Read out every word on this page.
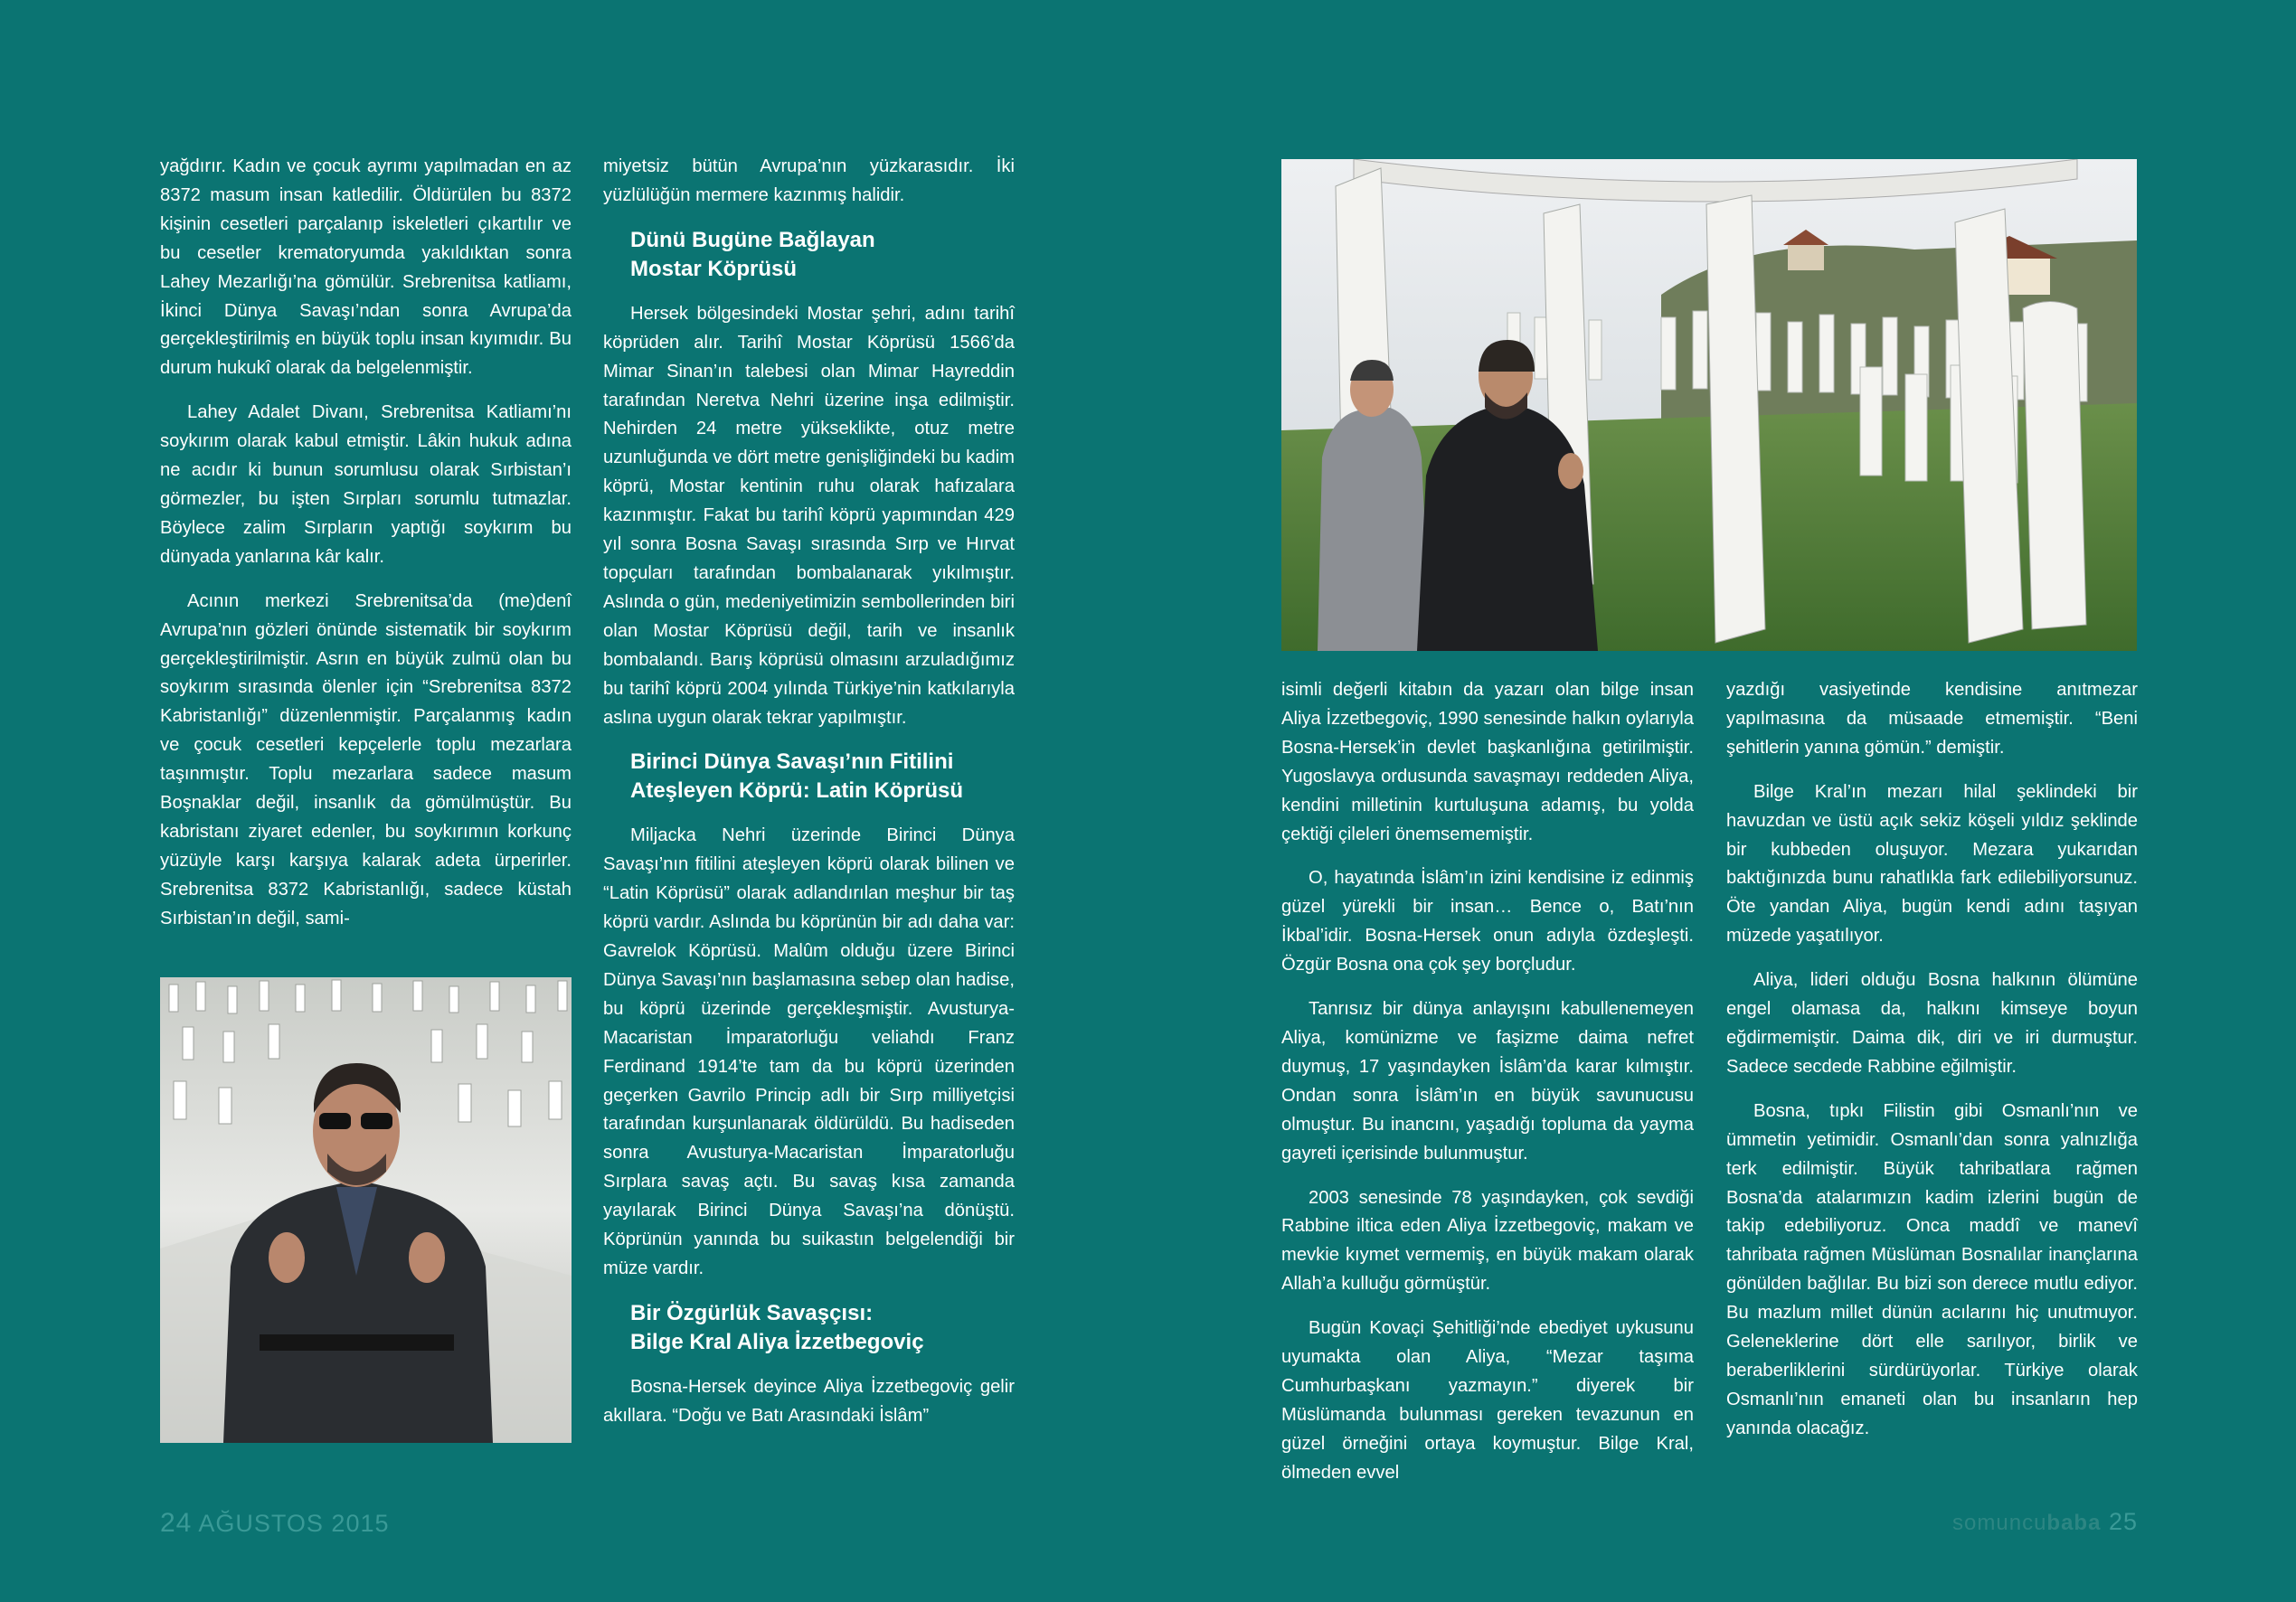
yağdırır. Kadın ve çocuk ayrımı yapılmadan en az 8372 masum insan katledilir. Öldürülen bu 8372 kişinin cesetleri parçalanıp iskeletleri çıkartılır ve bu cesetler krematoryumda yakıldıktan sonra Lahey Mezarlığı’na gömülür. Srebrenitsa katliamı, İkinci Dünya Savaşı’ndan sonra Avrupa’da gerçekleştirilmiş en büyük toplu insan kıyımıdır. Bu durum hukukî olarak da belgelenmiştir.

Lahey Adalet Divanı, Srebrenitsa Katliamı’nı soykırım olarak kabul etmiştir. Lâkin hukuk adına ne acıdır ki bunun sorumlusu olarak Sırbistan’ı görmezler, bu işten Sırpları sorumlu tutmazlar. Böylece zalim Sırpların yaptığı soykırım bu dünyada yanlarına kâr kalır.

Acının merkezi Srebrenitsa’da (me)denî Avrupa’nın gözleri önünde sistematik bir soykırım gerçekleştirilmiştir. Asrın en büyük zulmü olan bu soykırım sırasında ölenler için “Srebrenitsa 8372 Kabristanlığı” düzenlenmiştir. Parçalanmış kadın ve çocuk cesetleri kepçelerle toplu mezarlara taşınmıştır. Toplu mezarlara sadece masum Boşnaklar değil, insanlık da gömülmüştür. Bu kabristanı ziyaret edenler, bu soykırımın korkunç yüzüyle karşı karşıya kalarak adeta ürperirler. Srebrenitsa 8372 Kabristanlığı, sadece küstah Sırbistan’ın değil, sami-

miyetsiz bütün Avrupa’nın yüzkarasıdır. İki yüzlülüğün mermere kazınmış halidir.

Dünü Bugüne Bağlayan
Mostar Köprüsü

Hersek bölgesindeki Mostar şehri, adını tarihî köprüden alır. Tarihî Mostar Köprüsü 1566’da Mimar Sinan’ın talebesi olan Mimar Hayreddin tarafından Neretva Nehri üzerine inşa edilmiştir. Nehirden 24 metre yükseklikte, otuz metre uzunluğunda ve dört metre genişliğindeki bu kadim köprü, Mostar kentinin ruhu olarak hafızalara kazınmıştır. Fakat bu tarihî köprü yapımından 429 yıl sonra Bosna Savaşı sırasında Sırp ve Hırvat topçuları tarafından bombalanarak yıkılmıştır. Aslında o gün, medeniyetimizin sembollerinden biri olan Mostar Köprüsü değil, tarih ve insanlık bombalandı. Barış köprüsü olmasını arzuladığımız bu tarihî köprü 2004 yılında Türkiye’nin katkılarıyla aslına uygun olarak tekrar yapılmıştır.

Birinci Dünya Savaşı’nın Fitilini
Ateşleyen Köprü: Latin Köprüsü

Miljacka Nehri üzerinde Birinci Dünya Savaşı’nın fitilini ateşleyen köprü olarak bilinen ve “Latin Köprüsü” olarak adlandırılan meşhur bir taş köprü vardır. Aslında bu köprünün bir adı daha var: Gavrelok Köprüsü. Malûm olduğu üzere Birinci Dünya Savaşı’nın başlamasına sebep olan hadise, bu köprü üzerinde gerçekleşmiştir. Avusturya-Macaristan İmparatorluğu veliahdı Franz Ferdinand 1914’te tam da bu köprü üzerinden geçerken Gavrilo Princip adlı bir Sırp milliyetçisi tarafından kurşunlanarak öldürüldü. Bu hadiseden sonra Avusturya-Macaristan İmparatorluğu Sırplara savaş açtı. Bu savaş kısa zamanda yayılarak Birinci Dünya Savaşı’na dönüştü. Köprünün yanında bu suikastın belgelendiği bir müze vardır.

Bir Özgürlük Savaşçısı:
Bilge Kral Aliya İzzetbegoviç

Bosna-Hersek deyince Aliya İzzetbegoviç gelir akıllara. “Doğu ve Batı Arasındaki İslâm”

isimli değerli kitabın da yazarı olan bilge insan Aliya İzzetbegoviç, 1990 senesinde halkın oylarıyla Bosna-Hersek’in devlet başkanlığına getirilmiştir. Yugoslavya ordusunda savaşmayı reddeden Aliya, kendini milletinin kurtuluşuna adamış, bu yolda çektiği çileleri önemsememiştir.

O, hayatında İslâm’ın izini kendisine iz edinmiş güzel yürekli bir insan… Bence o, Batı’nın İkbal’idir. Bosna-Hersek onun adıyla özdeşleşti. Özgür Bosna ona çok şey borçludur.

Tanrısız bir dünya anlayışını kabullenemeyen Aliya, komünizme ve faşizme daima nefret duymuş, 17 yaşındayken İslâm’da karar kılmıştır. Ondan sonra İslâm’ın en büyük savunucusu olmuştur. Bu inancını, yaşadığı topluma da yayma gayreti içerisinde bulunmuştur.

2003 senesinde 78 yaşındayken, çok sevdiği Rabbine iltica eden Aliya İzzetbegoviç, makam ve mevkie kıymet vermemiş, en büyük makam olarak Allah’a kulluğu görmüştür.

Bugün Kovaçi Şehitliği’nde ebediyet uykusunu uyumakta olan Aliya, “Mezar taşıma Cumhurbaşkanı yazmayın.” diyerek bir Müslümanda bulunması gereken tevazunun en güzel örneğini ortaya koymuştur. Bilge Kral, ölmeden evvel

yazdığı vasiyetinde kendisine anıtmezar yapılmasına da müsaade etmemiştir. “Beni şehitlerin yanına gömün.” demiştir.

Bilge Kral’ın mezarı hilal şeklindeki bir havuzdan ve üstü açık sekiz köşeli yıldız şeklinde bir kubbeden oluşuyor. Mezara yukarıdan baktığınızda bunu rahatlıkla fark edilebiliyorsunuz. Öte yandan Aliya, bugün kendi adını taşıyan müzede yaşatılıyor.

Aliya, lideri olduğu Bosna halkının ölümüne engel olamasa da, halkını kimseye boyun eğdirmemiştir. Daima dik, diri ve iri durmuştur. Sadece secdede Rabbine eğilmiştir.

Bosna, tıpkı Filistin gibi Osmanlı’nın ve ümmetin yetimidir. Osmanlı’dan sonra yalnızlığa terk edilmiştir. Büyük tahribatlara rağmen Bosna’da atalarımızın kadim izlerini bugün de takip edebiliyoruz. Onca maddî ve manevî tahribata rağmen Müslüman Bosnalılar inançlarına gönülden bağlılar. Bu bizi son derece mutlu ediyor. Bu mazlum millet dünün acılarını hiç unutmuyor. Geleneklerine dört elle sarılıyor, birlik ve beraberliklerini sürdürüyorlar. Türkiye olarak Osmanlı’nın emaneti olan bu insanların hep yanında olacağız.

24 AĞUSTOS 2015	somuncubaba 25
